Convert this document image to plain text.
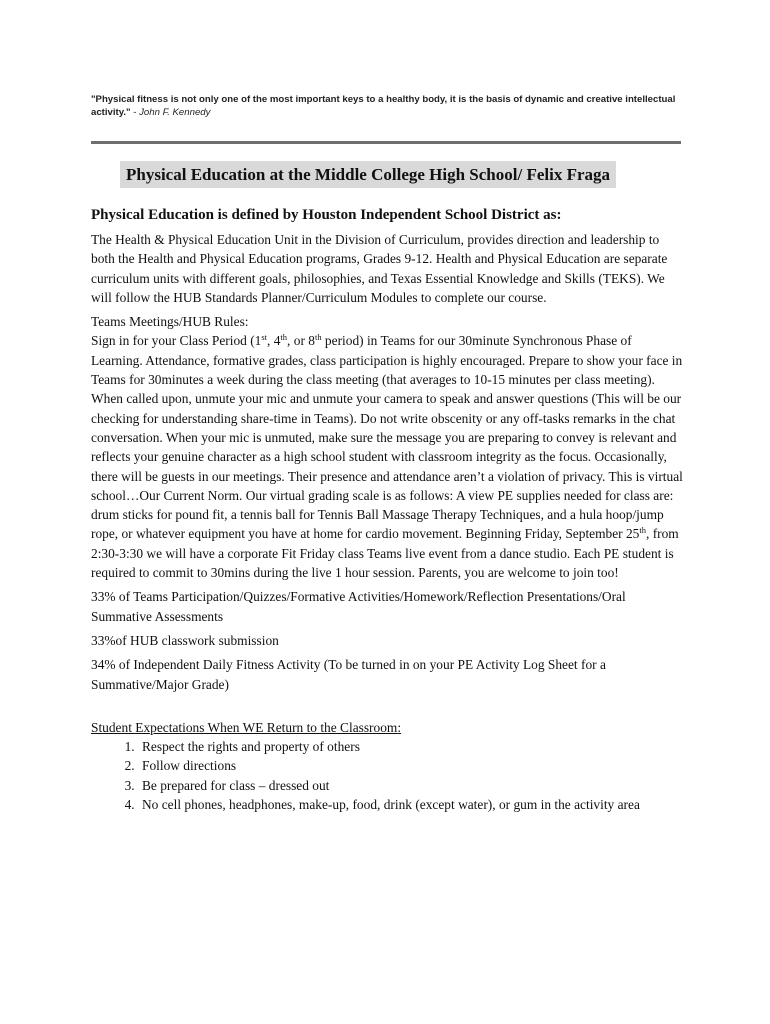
"Physical fitness is not only one of the most important keys to a healthy body, it is the basis of dynamic and creative intellectual activity." - John F. Kennedy
Physical Education at the Middle College High School/ Felix Fraga
Physical Education is defined by Houston Independent School District as:

The Health & Physical Education Unit in the Division of Curriculum, provides direction and leadership to both the Health and Physical Education programs, Grades 9-12. Health and Physical Education are separate curriculum units with different goals, philosophies, and Texas Essential Knowledge and Skills (TEKS). We will follow the HUB Standards Planner/Curriculum Modules to complete our course.

Teams Meetings/HUB Rules:

Sign in for your Class Period (1st, 4th, or 8th period) in Teams for our 30minute Synchronous Phase of Learning. Attendance, formative grades, class participation is highly encouraged. Prepare to show your face in Teams for 30minutes a week during the class meeting (that averages to 10-15 minutes per class meeting). When called upon, unmute your mic and unmute your camera to speak and answer questions (This will be our checking for understanding share-time in Teams). Do not write obscenity or any off-tasks remarks in the chat conversation. When your mic is unmuted, make sure the message you are preparing to convey is relevant and reflects your genuine character as a high school student with classroom integrity as the focus. Occasionally, there will be guests in our meetings. Their presence and attendance aren’t a violation of privacy. This is virtual school…Our Current Norm. Our virtual grading scale is as follows: A view PE supplies needed for class are: drum sticks for pound fit, a tennis ball for Tennis Ball Massage Therapy Techniques, and a hula hoop/jump rope, or whatever equipment you have at home for cardio movement. Beginning Friday, September 25th, from 2:30-3:30 we will have a corporate Fit Friday class Teams live event from a dance studio. Each PE student is required to commit to 30mins during the live 1 hour session. Parents, you are welcome to join too!

33% of Teams Participation/Quizzes/Formative Activities/Homework/Reflection Presentations/Oral Summative Assessments

33%of HUB classwork submission

34% of Independent Daily Fitness Activity (To be turned in on your PE Activity Log Sheet for a Summative/Major Grade)

Student Expectations When WE Return to the Classroom:

1. Respect the rights and property of others
2. Follow directions
3. Be prepared for class – dressed out
4. No cell phones, headphones, make-up, food, drink (except water), or gum in the activity area
